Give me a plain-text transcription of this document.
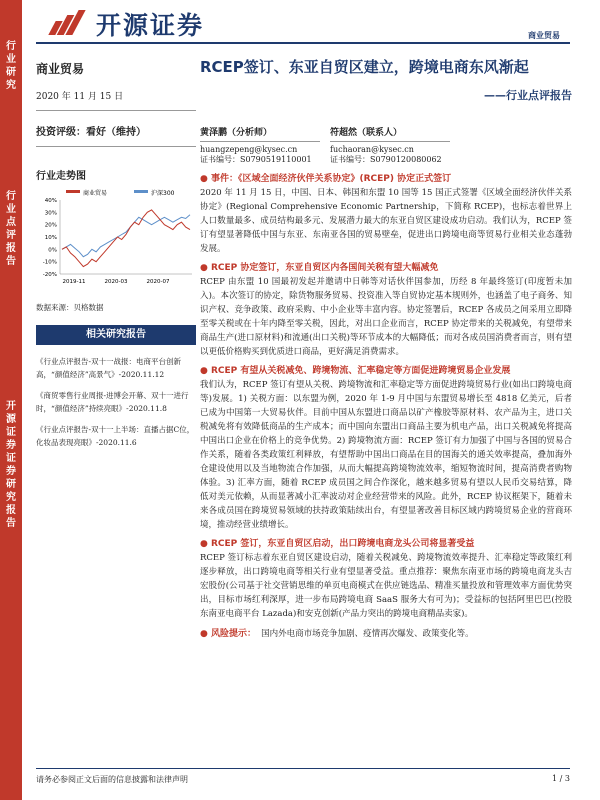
行业研究
行业点评报告
开源证券 证券研究报告
开源证券	商业贸易
商业贸易
2020 年 11 月 15 日
投资评级：看好（维持）
行业走势图
商业贸易	沪深300
40%
30%
20%
10%
0%
-10%
-20%
2019-11	2020-03	2020-07
数据来源：贝格数据
相关研究报告
《行业点评报告-双十一战报：电商平台创新高，“颜值经济”高景气》-2020.11.12
《商贸零售行业周报-进博会开幕、双十一进行时，“颜值经济”持续亮眼》-2020.11.8
《行业点评报告-双十一上半场：直播占据C位，化妆品表现亮眼》-2020.11.6
RCEP签订、东亚自贸区建立，跨境电商东风渐起
——行业点评报告
黄泽鹏（分析师）
huangzepeng@kysec.cn
证书编号：S0790519110001
符超然（联系人）
fuchaoran@kysec.cn
证书编号：S0790120080062
● 事件：《区域全面经济伙伴关系协定》(RCEP) 协定正式签订
2020 年 11 月 15 日，中国、日本、韩国和东盟 10 国等 15 国正式签署《区域全面经济伙伴关系协定》(Regional Comprehensive Economic Partnership，下简称 RCEP)，也标志着世界上人口数量最多、成员结构最多元、发展潜力最大的东亚自贸区建设成功启动。我们认为，RCEP 签订有望显著降低中国与东亚、东南亚各国的贸易壁垒，促进出口跨境电商等贸易行业相关业态蓬勃发展。
● RCEP 协定签订，东亚自贸区内各国间关税有望大幅减免
RCEP 由东盟 10 国最初发起并邀请中日韩等对话伙伴国参加，历经 8 年最终签订(印度暂未加入)。本次签订的协定，除货物服务贸易、投资准入等自贸协定基本规则外，也涵盖了电子商务、知识产权、竞争政策、政府采购、中小企业等丰富内容。协定签署后，RCEP 各成员之间采用立即降至零关税或在十年内降至零关税，因此，对出口企业而言，RCEP 协定带来的关税减免，有望带来商品生产(进口原材料)和流通(出口关税)等环节成本的大幅降低；而对各成员国消费者而言，则有望以更低价格购买到优质进口商品，更好满足消费需求。
● RCEP 有望从关税减免、跨境物流、汇率稳定等方面促进跨境贸易企业发展
我们认为，RCEP 签订有望从关税、跨境物流和汇率稳定等方面促进跨境贸易行业(如出口跨境电商等)发展。1) 关税方面：以东盟为例，2020 年 1-9 月中国与东盟贸易增长至 4818 亿美元，后者已成为中国第一大贸易伙伴。目前中国从东盟进口商品以矿产橡胶等原材料、农产品为主，进口关税减免将有效降低商品的生产成本；而中国向东盟出口商品主要为机电产品，出口关税减免将提高中国出口企业在价格上的竞争优势。2) 跨境物流方面：RCEP 签订有力加强了中国与各国的贸易合作关系，随着各类政策红利释放，有望帮助中国出口商品在目的国海关的通关效率提高，叠加海外仓建设使用以及当地物流合作加强，从而大幅提高跨境物流效率，缩短物流时间，提高消费者购物体验。3) 汇率方面，随着 RCEP 成员国之间合作深化，越来越多贸易有望以人民币交易结算，降低对美元依赖，从而显著减小汇率波动对企业经营带来的风险。此外，RCEP 协议框架下，随着未来各成员国在跨境贸易领域的扶持政策陆续出台，有望显著改善目标区域内跨境贸易企业的营商环境，推动经营业绩增长。
● RCEP 签订，东亚自贸区启动，出口跨境电商龙头公司将显著受益
RCEP 签订标志着东亚自贸区建设启动，随着关税减免、跨境物流效率提升、汇率稳定等政策红利逐步释放，出口跨境电商等相关行业有望显著受益。重点推荐：聚焦东南亚市场的跨境电商龙头吉宏股份(公司基于社交营销思维的单页电商模式在供应链选品、精准买量投放和管理效率方面优势突出，目标市场红利深厚，进一步布局跨境电商 SaaS 服务大有可为)；受益标的包括阿里巴巴(控股东南亚电商平台 Lazada)和安克创新(产品力突出的跨境电商精品卖家)。
● 风险提示： 国内外电商市场竞争加剧、疫情再次爆发、政策变化等。
请务必参阅正文后面的信息披露和法律声明	1 / 3
